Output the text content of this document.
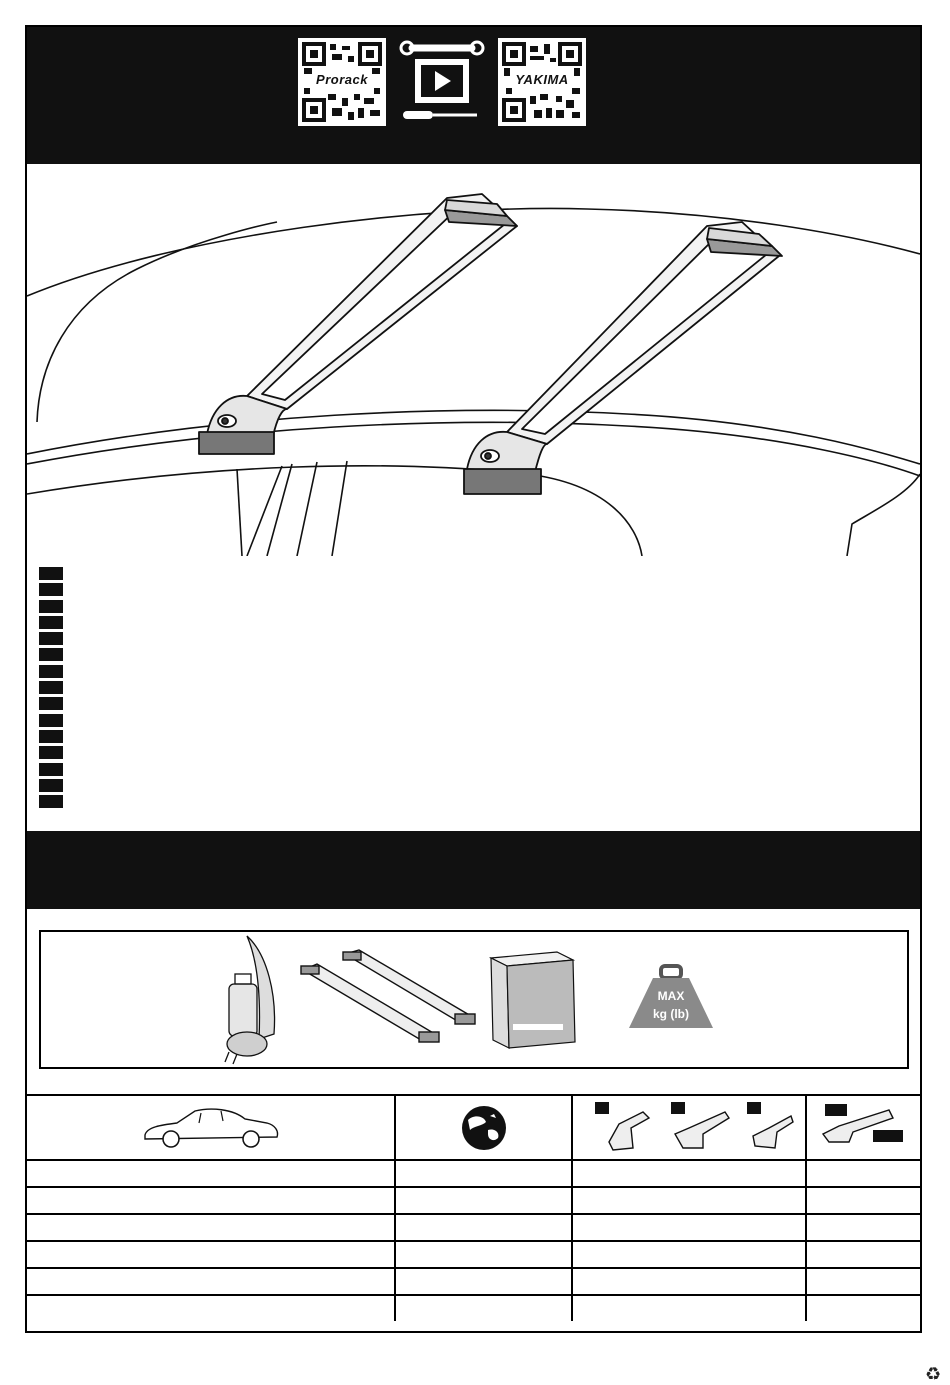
Prorack	YAKIMA
MAX
kg (lb)

♻
